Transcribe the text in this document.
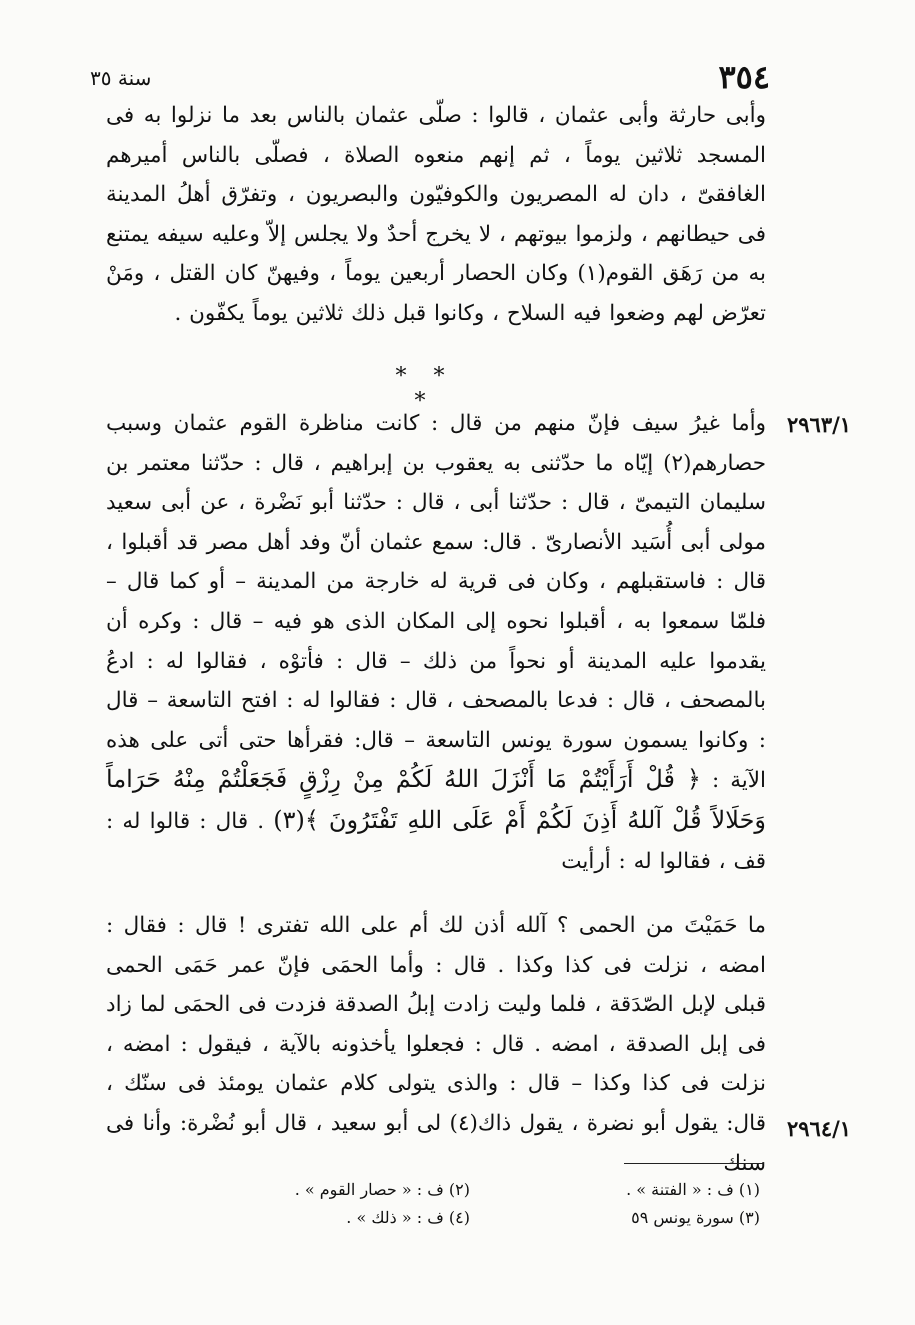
٣٥٤
سنة ٣٥
وأبى حارثة وأبى عثمان ، قالوا : صلّى عثمان بالناس بعد ما نزلوا به فى المسجد ثلاثين يوماً ، ثم إنهم منعوه الصلاة ، فصلّى بالناس أميرهم الغافقىّ ، دان له المصريون والكوفيّون والبصريون ، وتفرّق أهلُ المدينة فى حيطانهم ، ولزموا بيوتهم ، لا يخرج أحدٌ ولا يجلس إلاّ وعليه سيفه يمتنع به من رَهَق القوم(١) وكان الحصار أربعين يوماً ، وفيهنّ كان القتل ، ومَنْ تعرّض لهم وضعوا فيه السلاح ، وكانوا قبل ذلك ثلاثين يوماً يكفّون .
* * *
٢٩٦٣/١
وأما غيرُ سيف فإنّ منهم من قال : كانت مناظرة القوم عثمان وسبب حصارهم(٢) إيّاه ما حدّثنى به يعقوب بن إبراهيم ، قال : حدّثنا معتمر بن سليمان التيمىّ ، قال : حدّثنا أبى ، قال : حدّثنا أبو نَضْرة ، عن أبى سعيد مولى أبى أُسَيد الأنصارىّ . قال: سمع عثمان أنّ وفد أهل مصر قد أقبلوا ، قال : فاستقبلهم ، وكان فى قرية له خارجة من المدينة – أو كما قال – فلمّا سمعوا به ، أقبلوا نحوه إلى المكان الذى هو فيه – قال : وكره أن يقدموا عليه المدينة أو نحواً من ذلك – قال : فأتوْه ، فقالوا له : ادعُ بالمصحف ، قال : فدعا بالمصحف ، قال : فقالوا له : افتح التاسعة – قال : وكانوا يسمون سورة يونس التاسعة – قال: فقرأها حتى أتى على هذه الآية : ﴿ قُلْ أَرَأَيْتُمْ مَا أَنْزَلَ اللهُ لَكُمْ مِنْ رِزْقٍ فَجَعَلْتُمْ مِنْهُ حَرَاماً وَحَلَالاً قُلْ آللهُ أَذِنَ لَكُمْ أَمْ عَلَى اللهِ تَفْتَرُونَ ﴾(٣) . قال : قالوا له : قف ، فقالوا له : أرأيت
ما حَمَيْتَ من الحمى ؟ آلله أذن لك أم على الله تفترى ! قال : فقال : امضه ، نزلت فى كذا وكذا . قال : وأما الحمَى فإنّ عمر حَمَى الحمى قبلى لإبل الصّدَقة ، فلما وليت زادت إبلُ الصدقة فزدت فى الحمَى لما زاد فى إبل الصدقة ، امضه . قال : فجعلوا يأخذونه بالآية ، فيقول : امضه ، نزلت فى كذا وكذا – قال : والذى يتولى كلام عثمان يومئذ فى سنّك ، قال: يقول أبو نضرة ، يقول ذاك(٤) لى أبو سعيد ، قال أبو نُضْرة: وأنا فى سنك
٢٩٦٤/١
(١) ف : « الفتنة » .
(٢) ف : « حصار القوم » .
(٣) سورة يونس ٥٩
(٤) ف : « ذلك » .
